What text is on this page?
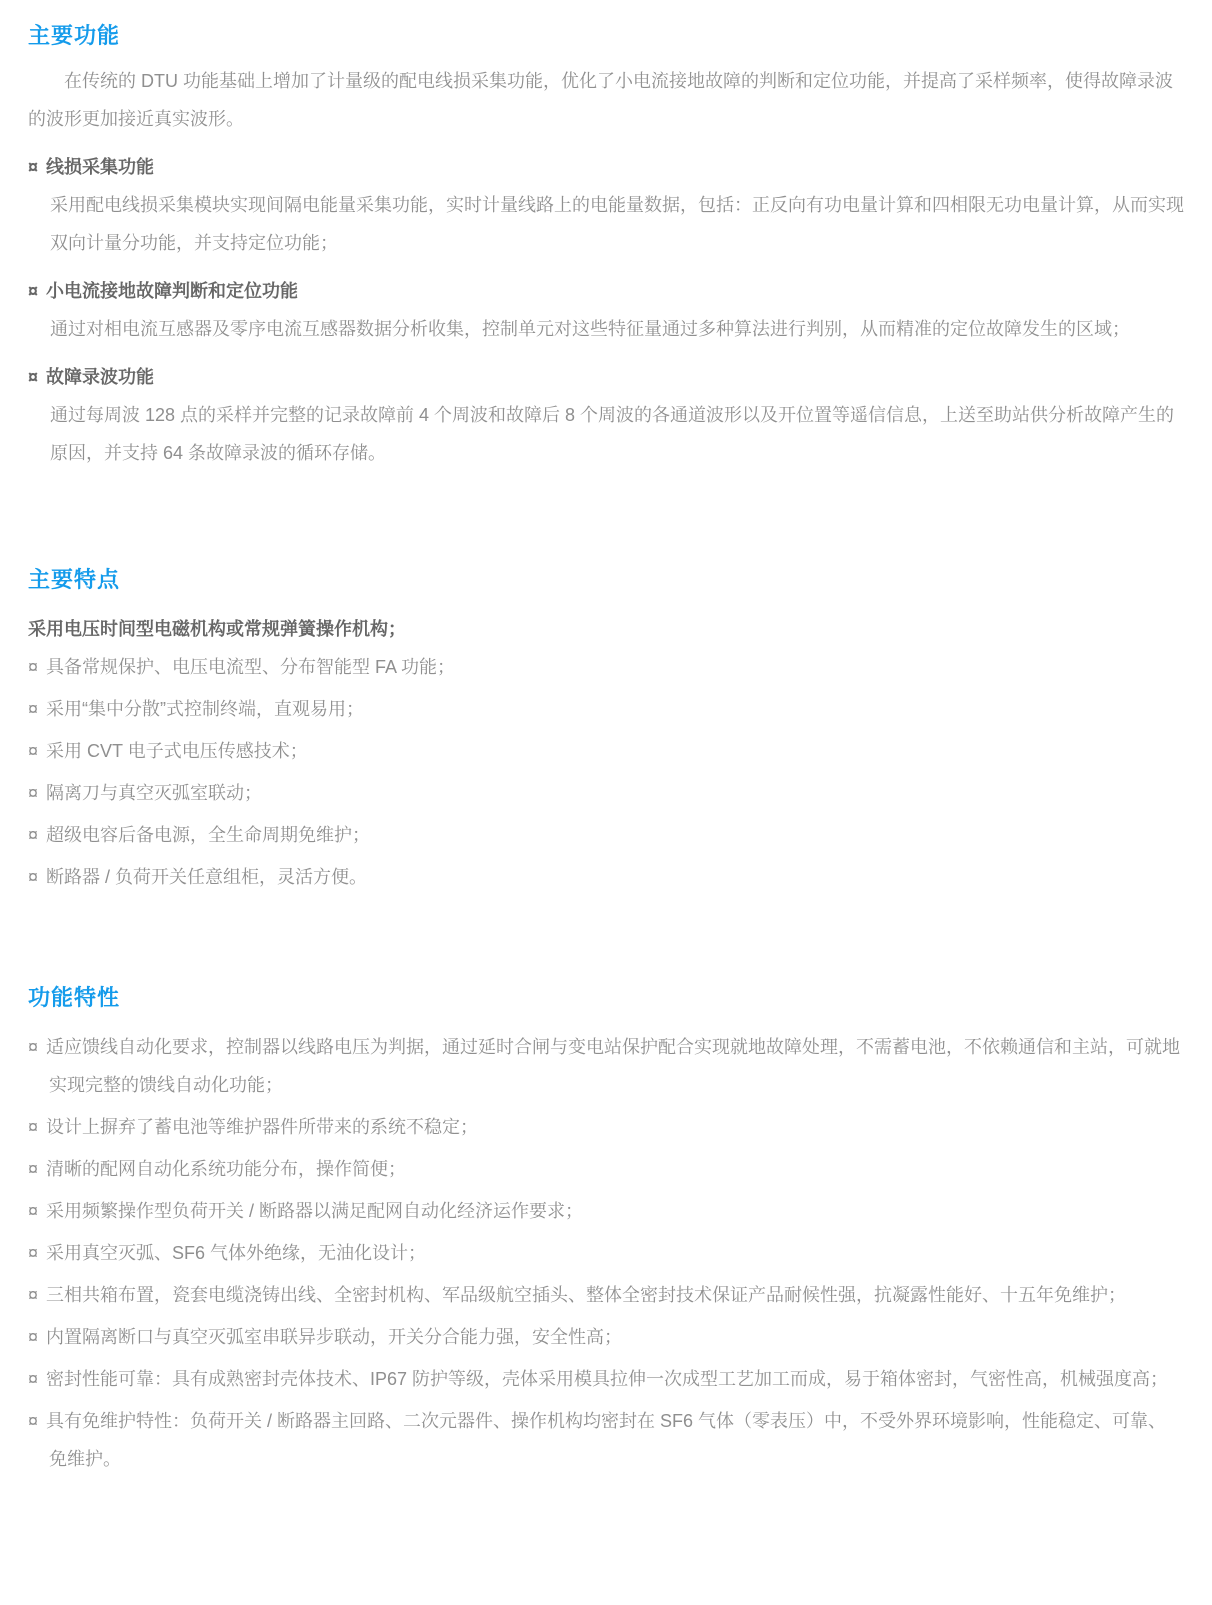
主要功能

在传统的 DTU 功能基础上增加了计量级的配电线损采集功能，优化了小电流接地故障的判断和定位功能，并提高了采样频率，使得故障录波的波形更加接近真实波形。

¤ 线损采集功能

采用配电线损采集模块实现间隔电能量采集功能，实时计量线路上的电能量数据，包括：正反向有功电量计算和四相限无功电量计算，从而实现双向计量分功能，并支持定位功能；

¤ 小电流接地故障判断和定位功能

通过对相电流互感器及零序电流互感器数据分析收集，控制单元对这些特征量通过多种算法进行判别，从而精准的定位故障发生的区域；

¤ 故障录波功能

通过每周波 128 点的采样并完整的记录故障前 4 个周波和故障后 8 个周波的各通道波形以及开位置等遥信信息，上送至助站供分析故障产生的原因，并支持 64 条故障录波的循环存储。

主要特点
采用电压时间型电磁机构或常规弹簧操作机构；
¤ 具备常规保护、电压电流型、分布智能型 FA 功能；
¤ 采用“集中分散”式控制终端，直观易用；
¤ 采用 CVT 电子式电压传感技术；
¤ 隔离刀与真空灭弧室联动；
¤ 超级电容后备电源，全生命周期免维护；
¤ 断路器 / 负荷开关任意组柜，灵活方便。
功能特性
¤ 适应馈线自动化要求，控制器以线路电压为判据，通过延时合闸与变电站保护配合实现就地故障处理，不需蓄电池，不依赖通信和主站，可就地实现完整的馈线自动化功能；
¤ 设计上摒弃了蓄电池等维护器件所带来的系统不稳定；
¤ 清晰的配网自动化系统功能分布，操作简便；
¤ 采用频繁操作型负荷开关 / 断路器以满足配网自动化经济运作要求；
¤ 采用真空灭弧、SF6 气体外绝缘，无油化设计；
¤ 三相共箱布置，瓷套电缆浇铸出线、全密封机构、军品级航空插头、整体全密封技术保证产品耐候性强，抗凝露性能好、十五年免维护；
¤ 内置隔离断口与真空灭弧室串联异步联动，开关分合能力强，安全性高；
¤ 密封性能可靠：具有成熟密封壳体技术、IP67 防护等级，壳体采用模具拉伸一次成型工艺加工而成，易于箱体密封，气密性高，机械强度高；
¤ 具有免维护特性：负荷开关 / 断路器主回路、二次元器件、操作机构均密封在 SF6 气体（零表压）中，不受外界环境影响，性能稳定、可靠、免维护。
